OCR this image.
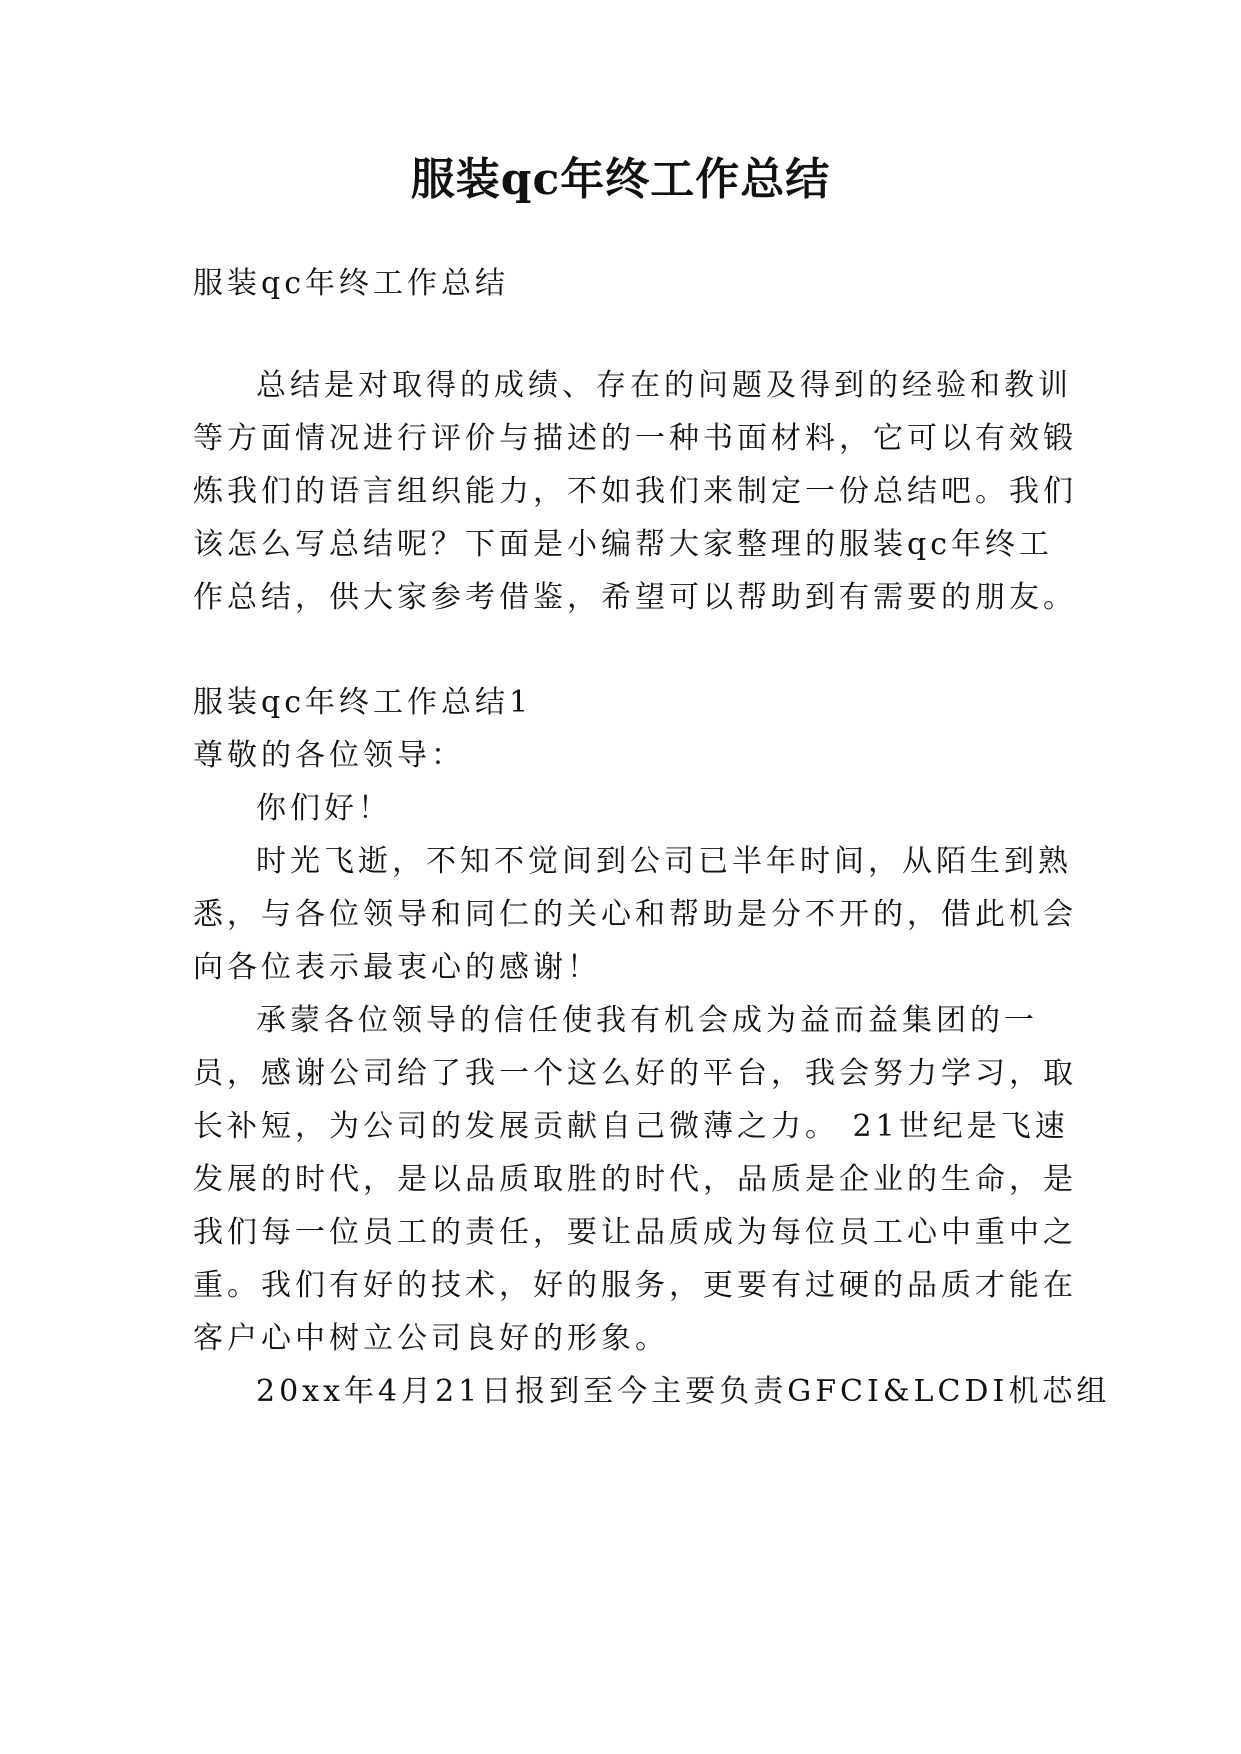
服装qc年终工作总结
服装qc年终工作总结
总结是对取得的成绩、存在的问题及得到的经验和教训
等方面情况进行评价与描述的一种书面材料，它可以有效锻
炼我们的语言组织能力，不如我们来制定一份总结吧。我们
该怎么写总结呢？下面是小编帮大家整理的服装qc年终工
作总结，供大家参考借鉴，希望可以帮助到有需要的朋友。
服装qc年终工作总结1
尊敬的各位领导：
你们好！
时光飞逝，不知不觉间到公司已半年时间，从陌生到熟
悉，与各位领导和同仁的关心和帮助是分不开的，借此机会
向各位表示最衷心的感谢！
承蒙各位领导的信任使我有机会成为益而益集团的一
员，感谢公司给了我一个这么好的平台，我会努力学习，取
长补短，为公司的发展贡献自己微薄之力。 21世纪是飞速
发展的时代，是以品质取胜的时代，品质是企业的生命，是
我们每一位员工的责任，要让品质成为每位员工心中重中之
重。我们有好的技术，好的服务，更要有过硬的品质才能在
客户心中树立公司良好的形象。
20xx年4月21日报到至今主要负责GFCI&LCDI机芯组
